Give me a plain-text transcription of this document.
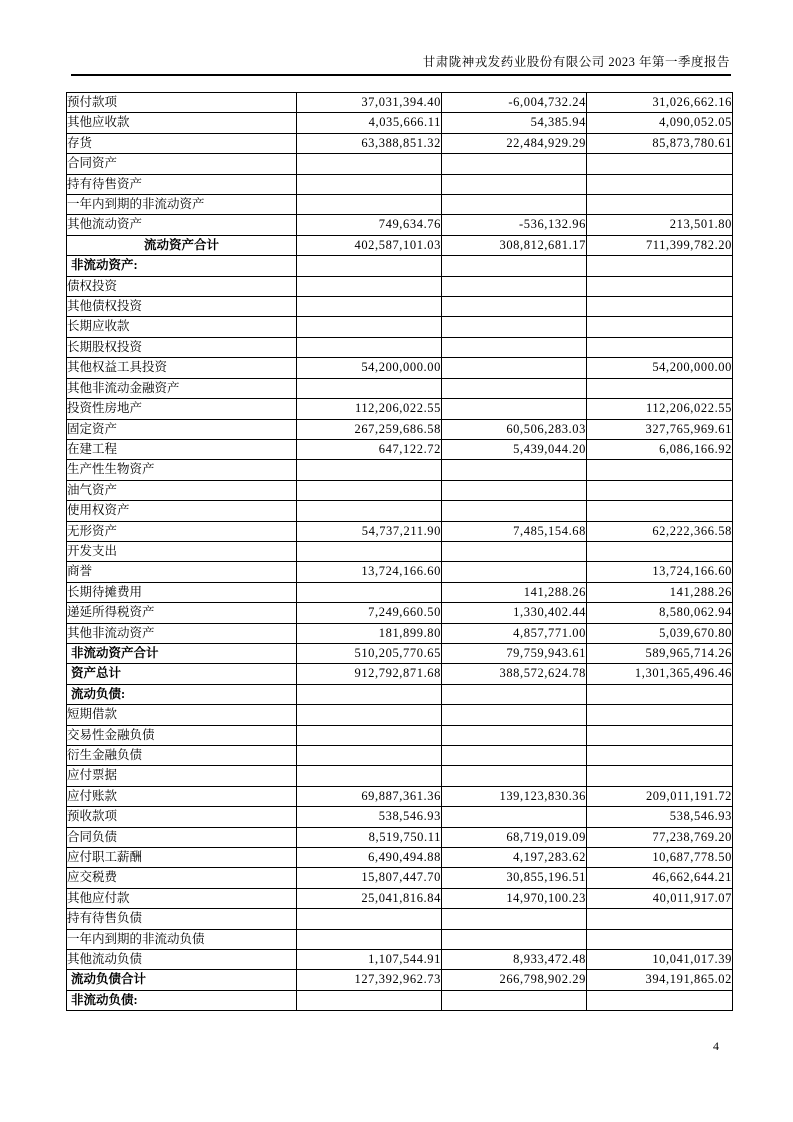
甘肃陇神戎发药业股份有限公司 2023 年第一季度报告
预付款项	37,031,394.40	-6,004,732.24	31,026,662.16
其他应收款	4,035,666.11	54,385.94	4,090,052.05
存货	63,388,851.32	22,484,929.29	85,873,780.61
合同资产			
持有待售资产			
一年内到期的非流动资产			
其他流动资产	749,634.76	-536,132.96	213,501.80
流动资产合计	402,587,101.03	308,812,681.17	711,399,782.20
非流动资产:			
债权投资			
其他债权投资			
长期应收款			
长期股权投资			
其他权益工具投资	54,200,000.00		54,200,000.00
其他非流动金融资产			
投资性房地产	112,206,022.55		112,206,022.55
固定资产	267,259,686.58	60,506,283.03	327,765,969.61
在建工程	647,122.72	5,439,044.20	6,086,166.92
生产性生物资产			
油气资产			
使用权资产			
无形资产	54,737,211.90	7,485,154.68	62,222,366.58
开发支出			
商誉	13,724,166.60		13,724,166.60
长期待摊费用		141,288.26	141,288.26
递延所得税资产	7,249,660.50	1,330,402.44	8,580,062.94
其他非流动资产	181,899.80	4,857,771.00	5,039,670.80
非流动资产合计	510,205,770.65	79,759,943.61	589,965,714.26
资产总计	912,792,871.68	388,572,624.78	1,301,365,496.46
流动负债:			
短期借款			
交易性金融负债			
衍生金融负债			
应付票据			
应付账款	69,887,361.36	139,123,830.36	209,011,191.72
预收款项	538,546.93		538,546.93
合同负债	8,519,750.11	68,719,019.09	77,238,769.20
应付职工薪酬	6,490,494.88	4,197,283.62	10,687,778.50
应交税费	15,807,447.70	30,855,196.51	46,662,644.21
其他应付款	25,041,816.84	14,970,100.23	40,011,917.07
持有待售负债			
一年内到期的非流动负债			
其他流动负债	1,107,544.91	8,933,472.48	10,041,017.39
流动负债合计	127,392,962.73	266,798,902.29	394,191,865.02
非流动负债:			
4
